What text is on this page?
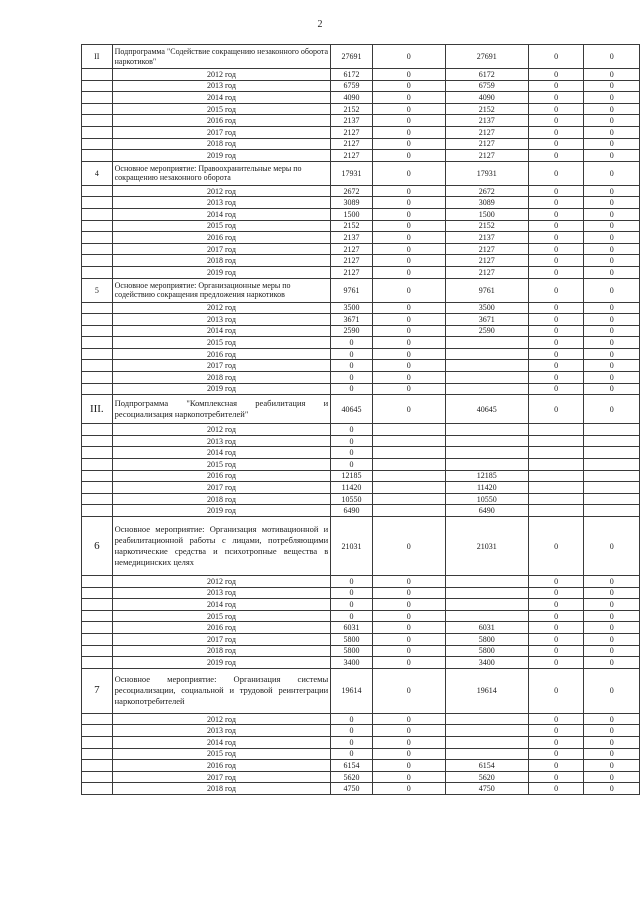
2
II	Подпрограмма "Содействие сокращению незаконного оборота наркотиков"	27691	0	27691	0	0
	2012 год	6172	0	6172	0	0
	2013 год	6759	0	6759	0	0
	2014 год	4090	0	4090	0	0
	2015 год	2152	0	2152	0	0
	2016 год	2137	0	2137	0	0
	2017 год	2127	0	2127	0	0
	2018 год	2127	0	2127	0	0
	2019 год	2127	0	2127	0	0
4	Основное мероприятие: Правоохранительные меры по сокращению незаконного оборота	17931	0	17931	0	0
	2012 год	2672	0	2672	0	0
	2013 год	3089	0	3089	0	0
	2014 год	1500	0	1500	0	0
	2015 год	2152	0	2152	0	0
	2016 год	2137	0	2137	0	0
	2017 год	2127	0	2127	0	0
	2018 год	2127	0	2127	0	0
	2019 год	2127	0	2127	0	0
5	Основное мероприятие: Организационные меры по содействию сокращения предложения наркотиков	9761	0	9761	0	0
	2012 год	3500	0	3500	0	0
	2013 год	3671	0	3671	0	0
	2014 год	2590	0	2590	0	0
	2015 год	0	0		0	0
	2016 год	0	0		0	0
	2017 год	0	0		0	0
	2018 год	0	0		0	0
	2019 год	0	0		0	0
III.	Подпрограмма "Комплексная реабилитация и ресоциализация наркопотребителей"	40645	0	40645	0	0
	2012 год	0				
	2013 год	0				
	2014 год	0				
	2015 год	0				
	2016 год	12185		12185		
	2017 год	11420		11420		
	2018 год	10550		10550		
	2019 год	6490		6490		
6	Основное мероприятие: Организация мотивационной и реабилитационной работы с лицами, потребляющими наркотические средства и психотропные вещества в немедицинских целях	21031	0	21031	0	0
	2012 год	0	0		0	0
	2013 год	0	0		0	0
	2014 год	0	0		0	0
	2015 год	0	0		0	0
	2016 год	6031	0	6031	0	0
	2017 год	5800	0	5800	0	0
	2018 год	5800	0	5800	0	0
	2019 год	3400	0	3400	0	0
7	Основное мероприятие: Организация системы ресоциализации, социальной и трудовой реинтеграции наркопотребителей	19614	0	19614	0	0
	2012 год	0	0		0	0
	2013 год	0	0		0	0
	2014 год	0	0		0	0
	2015 год	0	0		0	0
	2016 год	6154	0	6154	0	0
	2017 год	5620	0	5620	0	0
	2018 год	4750	0	4750	0	0
